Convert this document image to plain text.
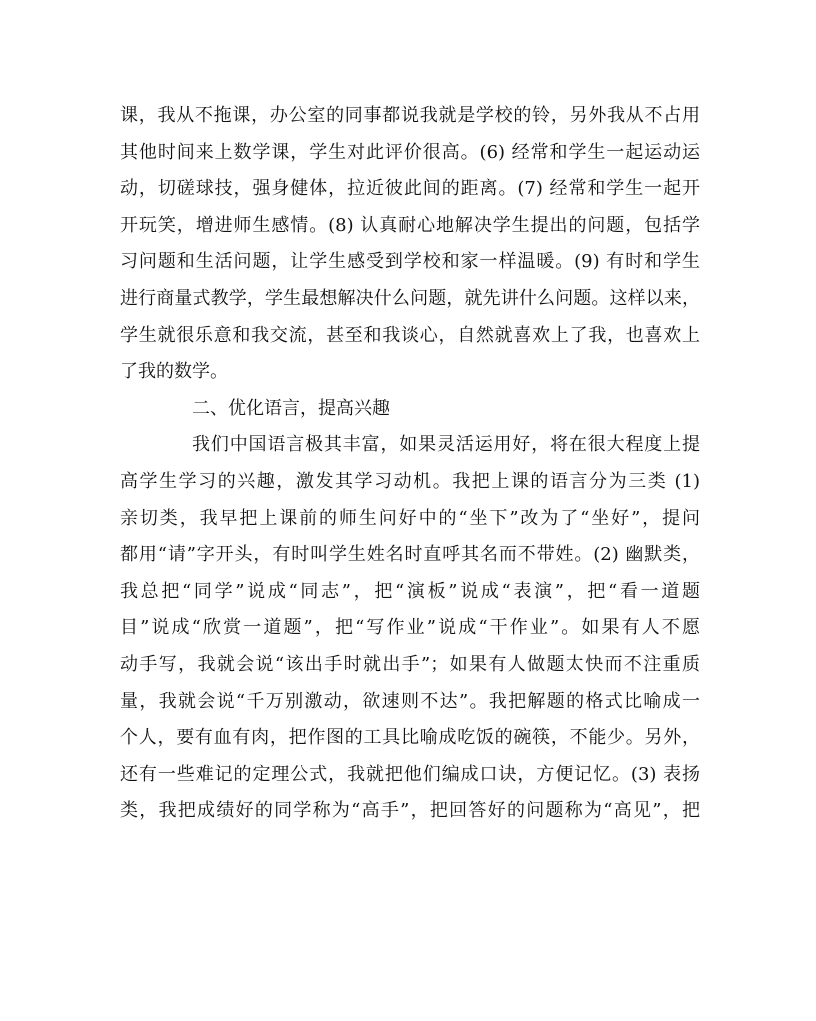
课，我从不拖课，办公室的同事都说我就是学校的铃，另外我从不占用
其他时间来上数学课，学生对此评价很高。(6) 经常和学生一起运动运
动，切磋球技，强身健体，拉近彼此间的距离。(7) 经常和学生一起开
开玩笑，增进师生感情。(8) 认真耐心地解决学生提出的问题，包括学
习问题和生活问题，让学生感受到学校和家一样温暖。(9) 有时和学生
进行商量式教学，学生最想解决什么问题，就先讲什么问题。这样以来，
学生就很乐意和我交流，甚至和我谈心，自然就喜欢上了我，也喜欢上
了我的数学。
二、优化语言，提高兴趣
我们中国语言极其丰富，如果灵活运用好，将在很大程度上提
高学生学习的兴趣，激发其学习动机。我把上课的语言分为三类 (1)
亲切类，我早把上课前的师生问好中的“坐下”改为了“坐好”，提问
都用“请”字开头，有时叫学生姓名时直呼其名而不带姓。(2) 幽默类，
我总把“同学”说成“同志”，把“演板”说成“表演”，把“看一道题
目”说成“欣赏一道题”，把“写作业”说成“干作业”。如果有人不愿
动手写，我就会说“该出手时就出手”；如果有人做题太快而不注重质
量，我就会说“千万别激动，欲速则不达”。我把解题的格式比喻成一
个人，要有血有肉，把作图的工具比喻成吃饭的碗筷，不能少。另外，
还有一些难记的定理公式，我就把他们编成口诀，方便记忆。(3) 表扬
类，我把成绩好的同学称为“高手”，把回答好的问题称为“高见”，把
